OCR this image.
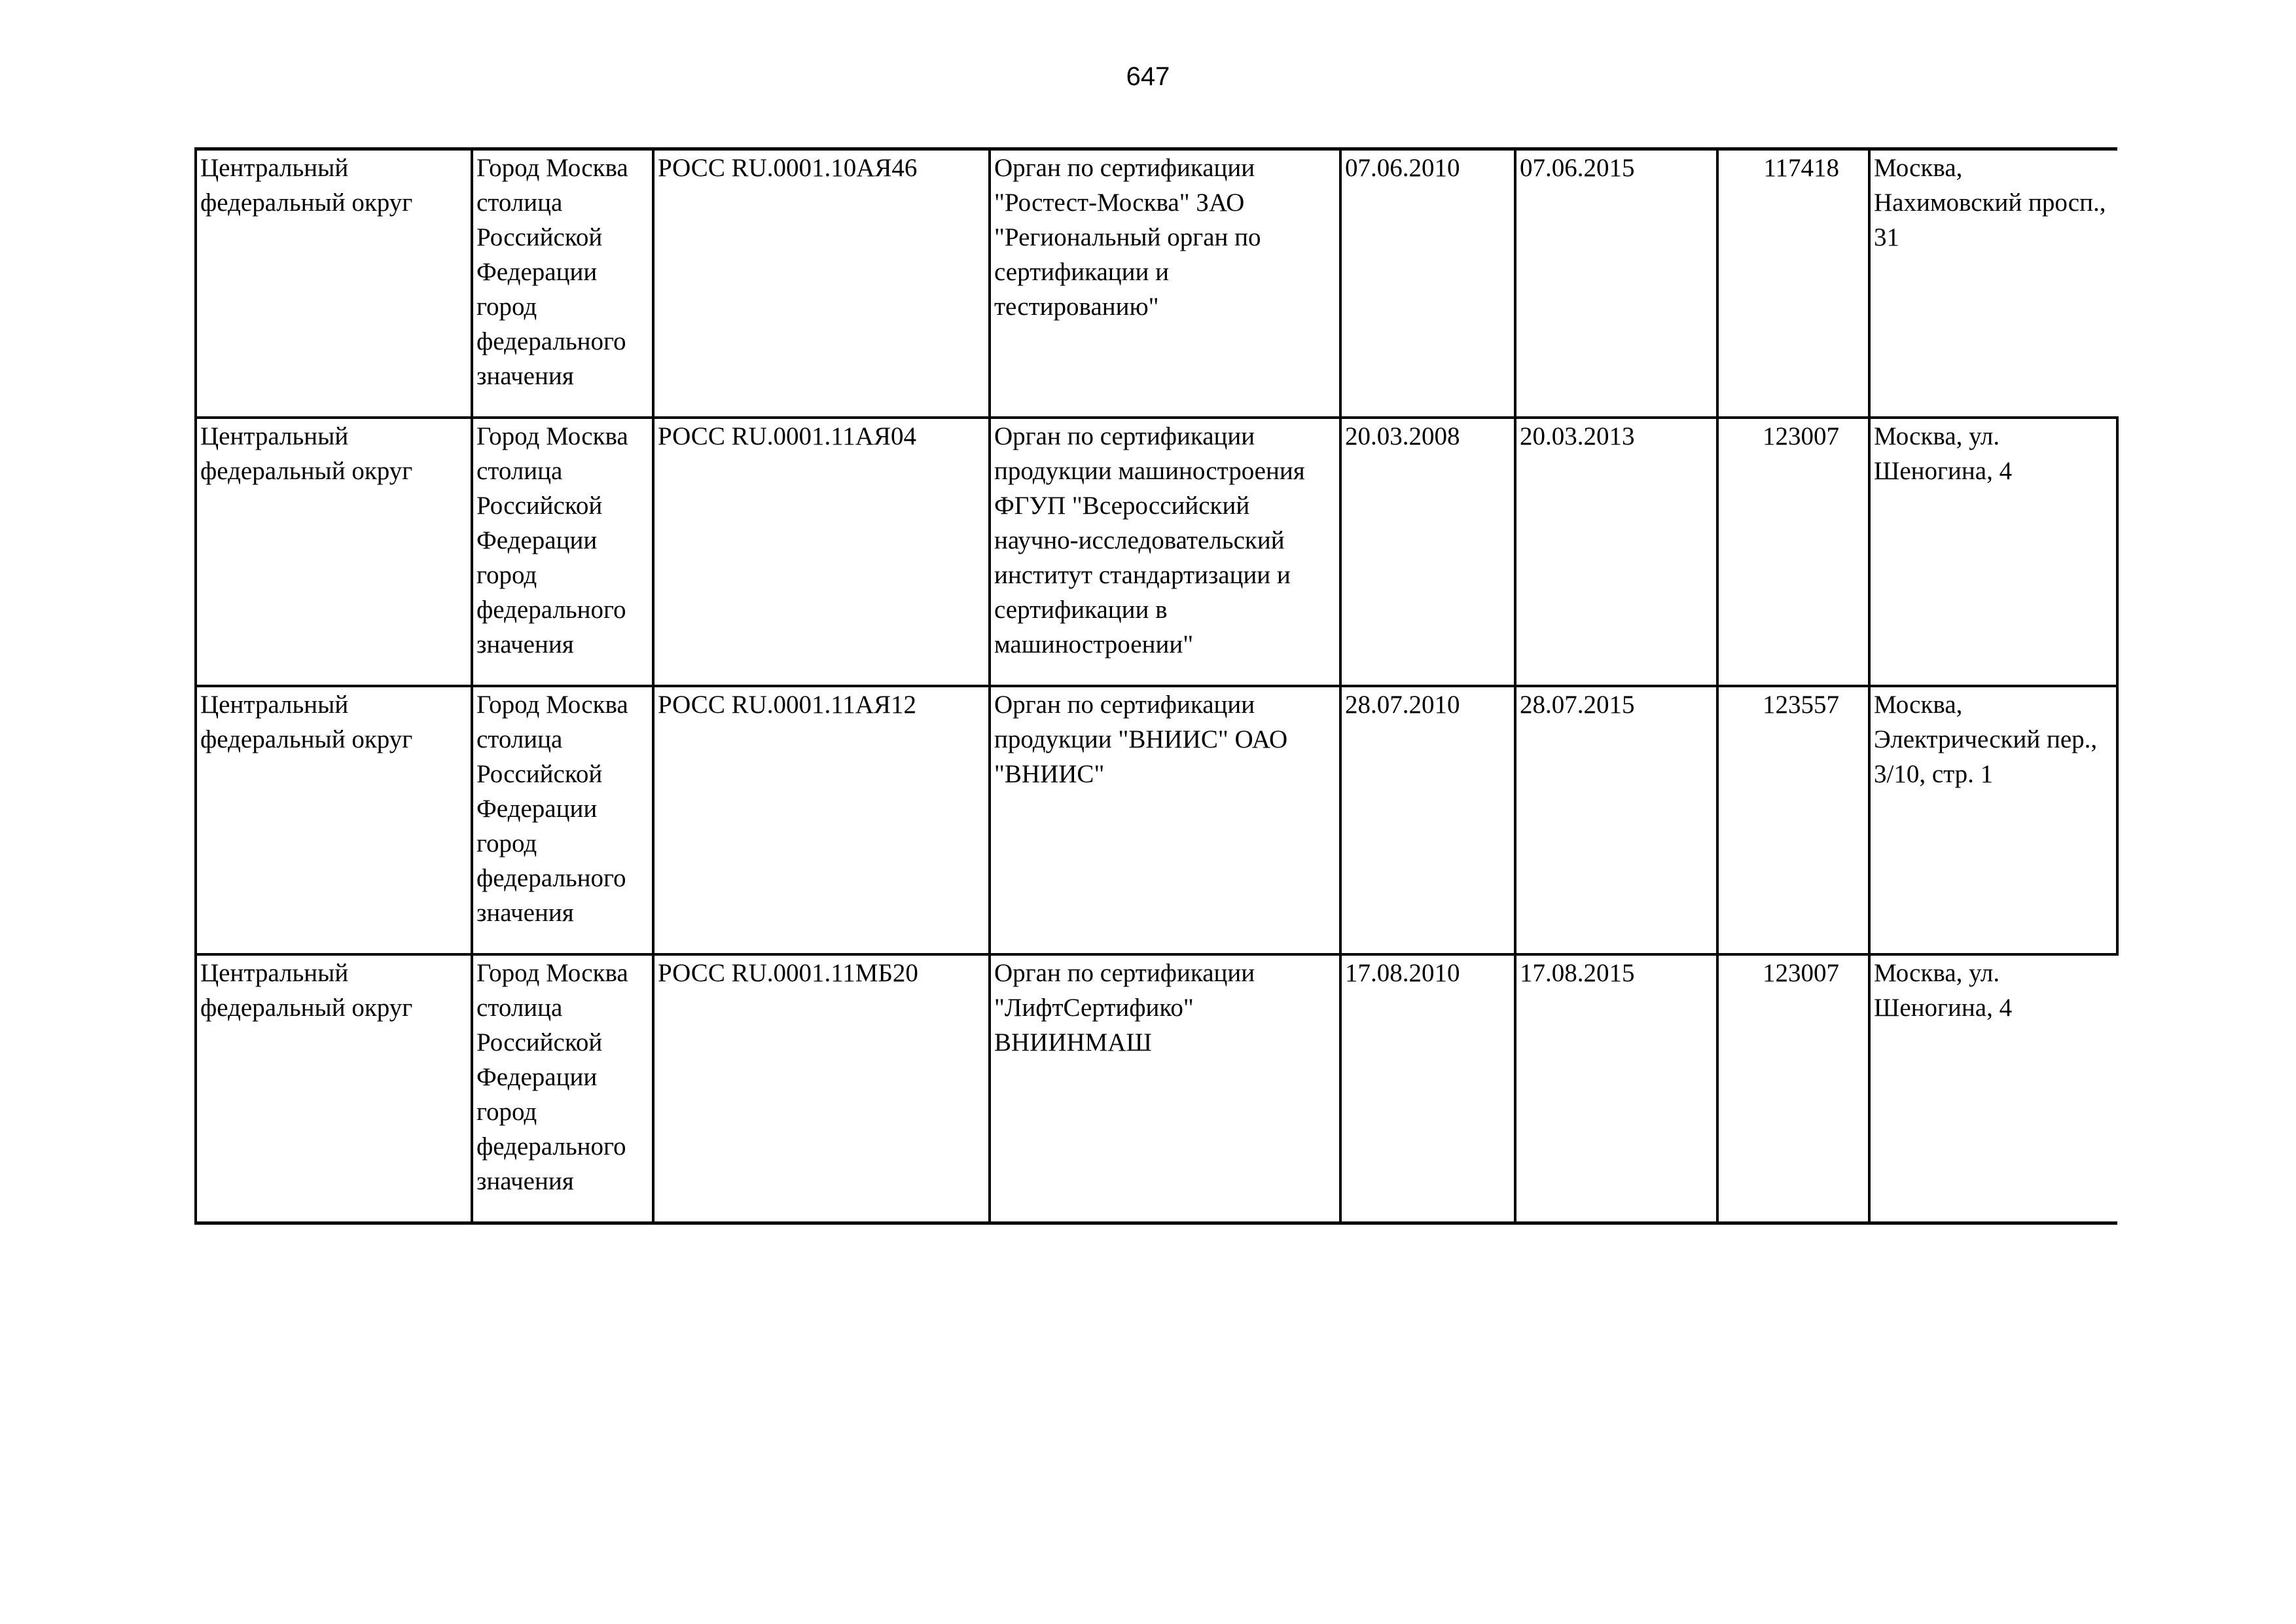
647
Центральный федеральный округ	Город Москва столица Российской Федерации город федерального значения	РОСС RU.0001.10АЯ46	Орган по сертификации "Ростест-Москва" ЗАО "Региональный орган по сертификации и тестированию"	07.06.2010	07.06.2015	117418	Москва, Нахимовский просп., 31

Центральный федеральный округ	Город Москва столица Российской Федерации город федерального значения	РОСС RU.0001.11АЯ04	Орган по сертификации продукции машиностроения ФГУП "Всероссийский научно-исследовательский институт стандартизации и сертификации в машиностроении"	20.03.2008	20.03.2013	123007	Москва, ул. Шеногина, 4

Центральный федеральный округ	Город Москва столица Российской Федерации город федерального значения	РОСС RU.0001.11АЯ12	Орган по сертификации продукции "ВНИИС" ОАО "ВНИИС"	28.07.2010	28.07.2015	123557	Москва, Электрический пер., 3/10, стр. 1

Центральный федеральный округ	Город Москва столица Российской Федерации город федерального значения	РОСС RU.0001.11МБ20	Орган по сертификации "ЛифтСертифико" ВНИИНМАШ	17.08.2010	17.08.2015	123007	Москва, ул. Шеногина, 4
